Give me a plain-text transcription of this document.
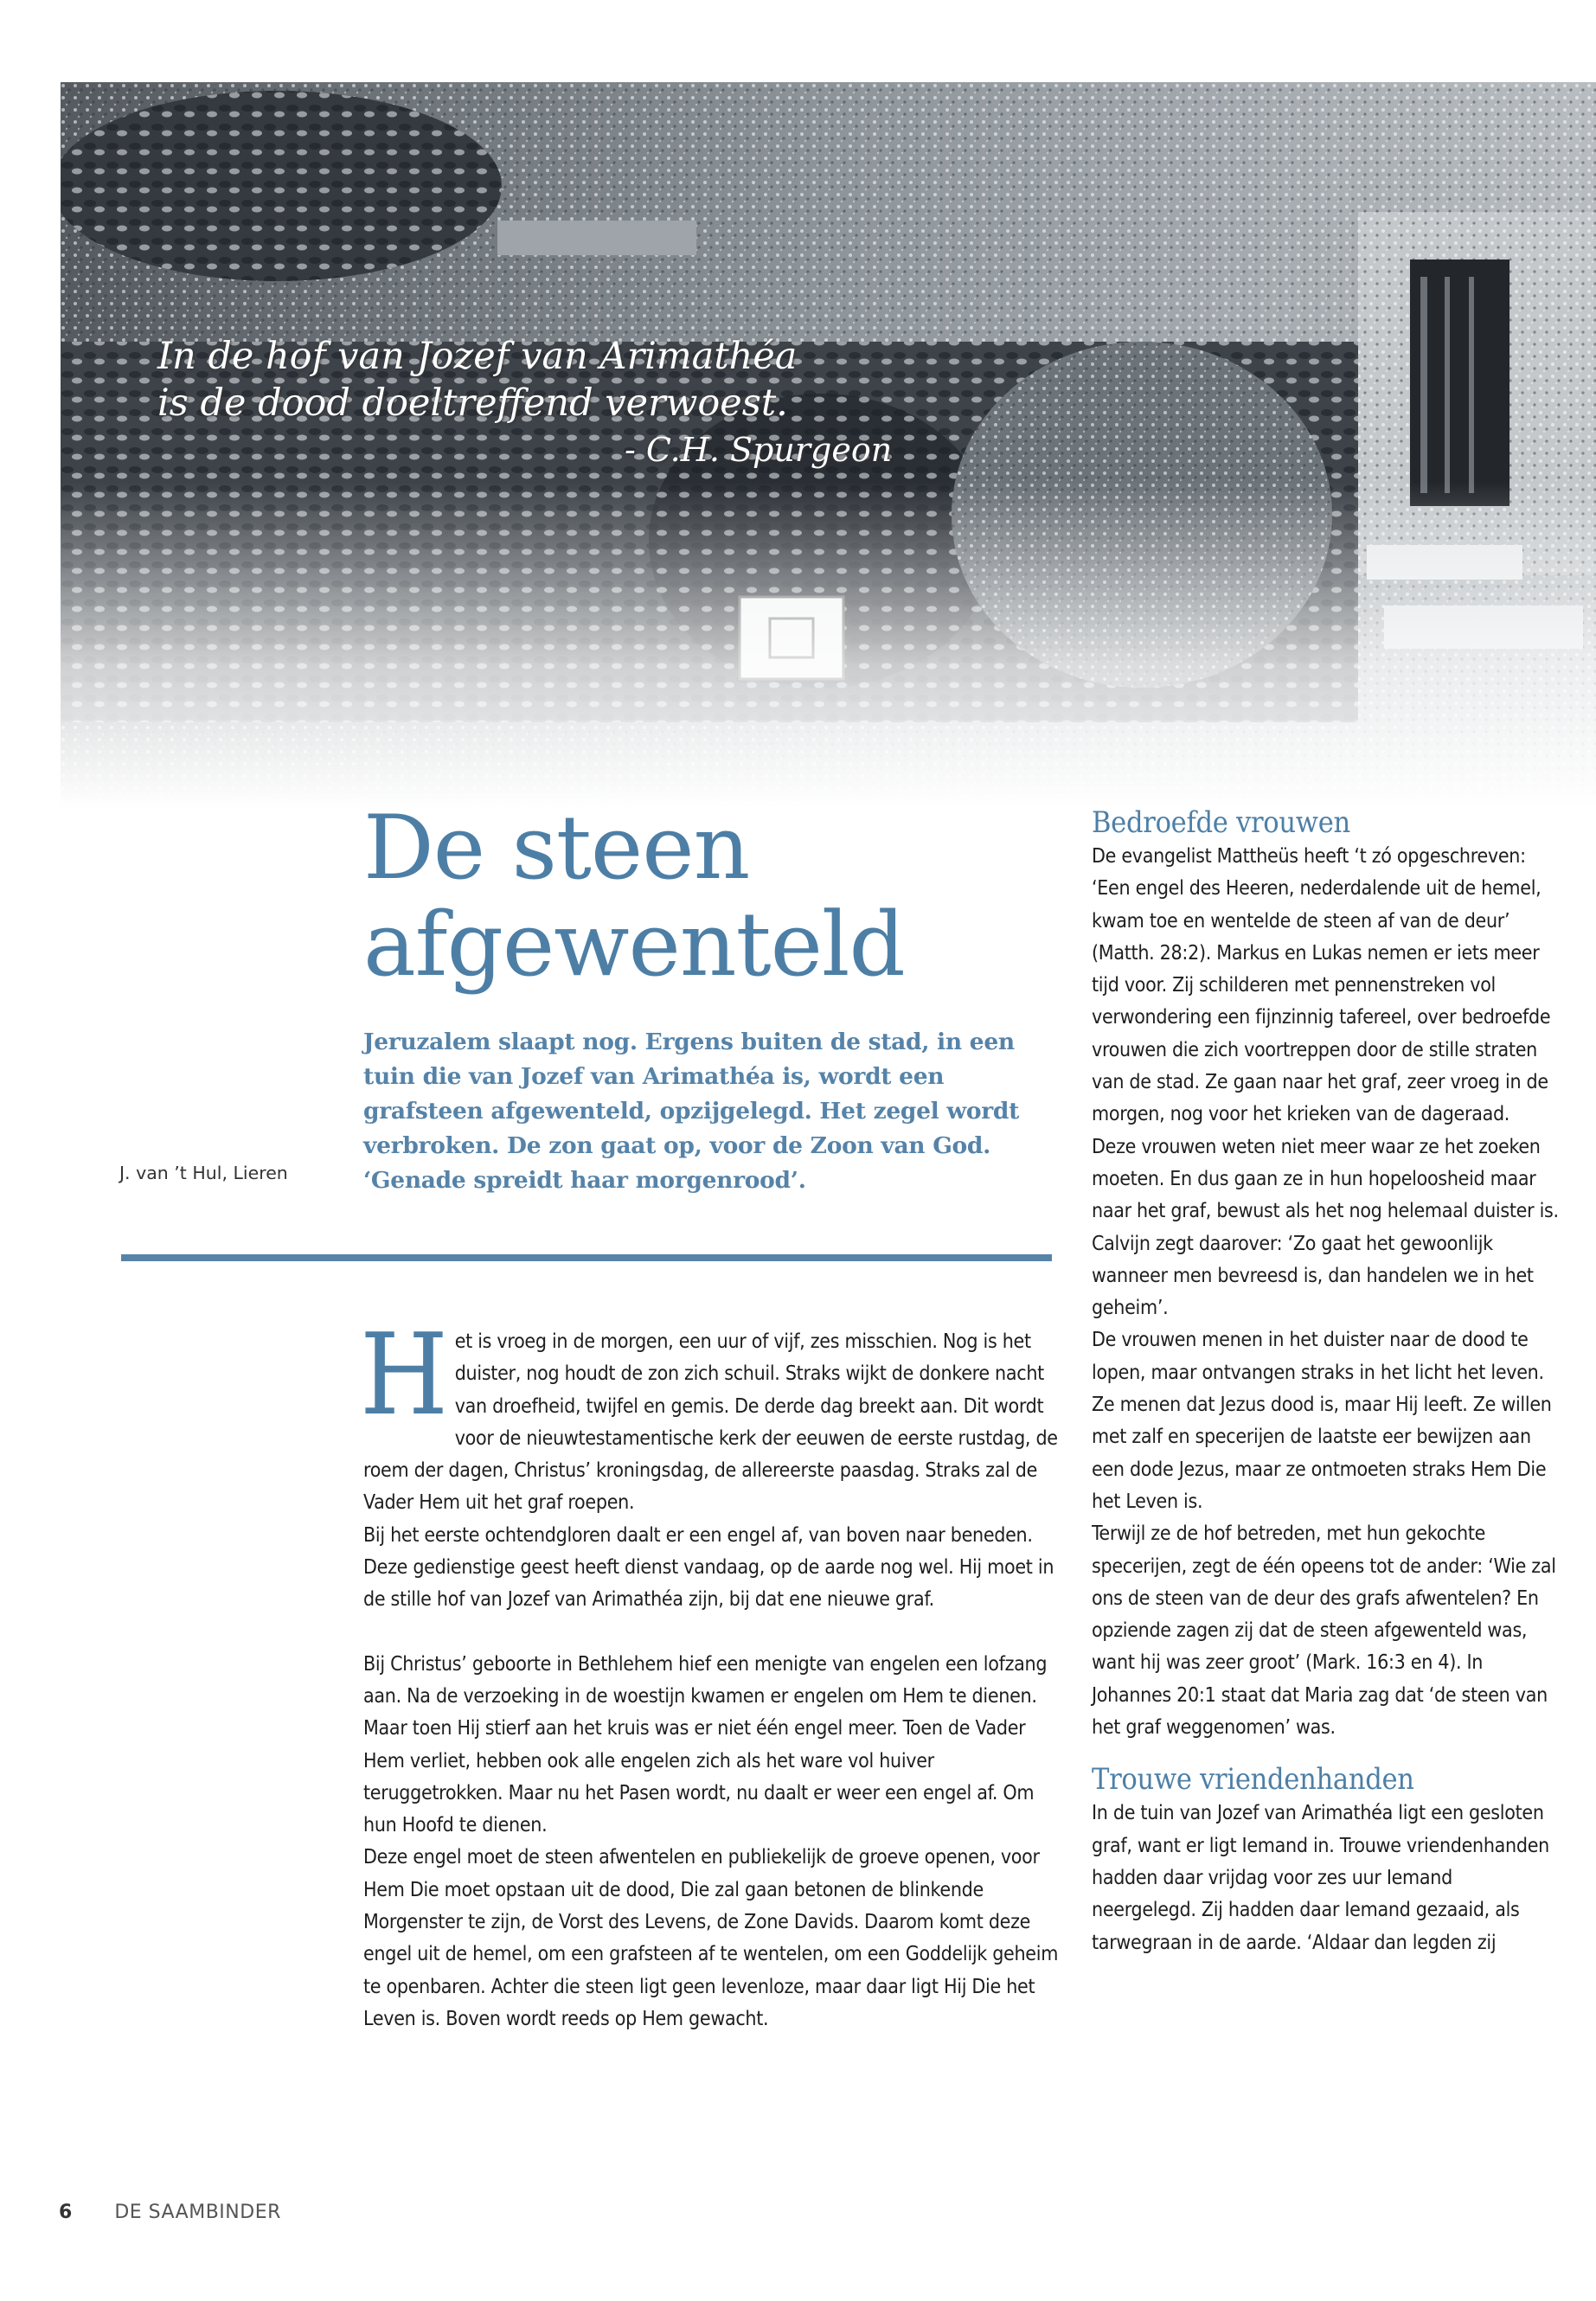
In de hof van Jozef van Arimathéa
is de dood doeltreffend verwoest.
- C.H. Spurgeon
De steen
afgewenteld
Jeruzalem slaapt nog. Ergens buiten de stad, in een tuin die van Jozef van Arimathéa is, wordt een grafsteen afgewenteld, opzijgelegd. Het zegel wordt verbroken. De zon gaat op, voor de Zoon van God. ‘Genade spreidt haar morgenrood’.
J. van ’t Hul, Lieren

Het is vroeg in de morgen, een uur of vijf, zes misschien. Nog is het duister, nog houdt de zon zich schuil. Straks wijkt de donkere nacht van droefheid, twijfel en gemis. De derde dag breekt aan. Dit wordt voor de nieuwtestamentische kerk der eeuwen de eerste rustdag, de roem der dagen, Christus’ kroningsdag, de allereerste paasdag. Straks zal de Vader Hem uit het graf roepen.

Bij het eerste ochtendgloren daalt er een engel af, van boven naar beneden. Deze gedienstige geest heeft dienst vandaag, op de aarde nog wel. Hij moet in de stille hof van Jozef van Arimathéa zijn, bij dat ene nieuwe graf.

Bij Christus’ geboorte in Bethlehem hief een menigte van engelen een lofzang aan. Na de verzoeking in de woestijn kwamen er engelen om Hem te dienen. Maar toen Hij stierf aan het kruis was er niet één engel meer. Toen de Vader Hem verliet, hebben ook alle engelen zich als het ware vol huiver teruggetrokken. Maar nu het Pasen wordt, nu daalt er weer een engel af. Om hun Hoofd te dienen.

Deze engel moet de steen afwentelen en publiekelijk de groeve openen, voor Hem Die moet opstaan uit de dood, Die zal gaan betonen de blinkende Morgenster te zijn, de Vorst des Levens, de Zone Davids. Daarom komt deze engel uit de hemel, om een grafsteen af te wentelen, om een Goddelijk geheim te openbaren. Achter die steen ligt geen levenloze, maar daar ligt Hij Die het Leven is. Boven wordt reeds op Hem gewacht.

Bedroefde vrouwen

De evangelist Mattheüs heeft ‘t zó opgeschreven: ‘Een engel des Heeren, nederdalende uit de hemel, kwam toe en wentelde de steen af van de deur’ (Matth. 28:2). Markus en Lukas nemen er iets meer tijd voor. Zij schilderen met pennenstreken vol verwondering een fijnzinnig tafereel, over bedroefde vrouwen die zich voortreppen door de stille straten van de stad. Ze gaan naar het graf, zeer vroeg in de morgen, nog voor het krieken van de dageraad.

Deze vrouwen weten niet meer waar ze het zoeken moeten. En dus gaan ze in hun hopeloosheid maar naar het graf, bewust als het nog helemaal duister is. Calvijn zegt daarover: ‘Zo gaat het gewoonlijk wanneer men bevreesd is, dan handelen we in het geheim’.

De vrouwen menen in het duister naar de dood te lopen, maar ontvangen straks in het licht het leven. Ze menen dat Jezus dood is, maar Hij leeft. Ze willen met zalf en specerijen de laatste eer bewijzen aan een dode Jezus, maar ze ontmoeten straks Hem Die het Leven is.

Terwijl ze de hof betreden, met hun gekochte specerijen, zegt de één opeens tot de ander: ‘Wie zal ons de steen van de deur des grafs afwentelen? En opziende zagen zij dat de steen afgewenteld was, want hij was zeer groot’ (Mark. 16:3 en 4). In Johannes 20:1 staat dat Maria zag dat ‘de steen van het graf weggenomen’ was.

Trouwe vriendenhanden

In de tuin van Jozef van Arimathéa ligt een gesloten graf, want er ligt Iemand in. Trouwe vriendenhanden hadden daar vrijdag voor zes uur Iemand neergelegd. Zij hadden daar Iemand gezaaid, als tarwegraan in de aarde. ‘Aldaar dan legden zij

6 DE SAAMBINDER
